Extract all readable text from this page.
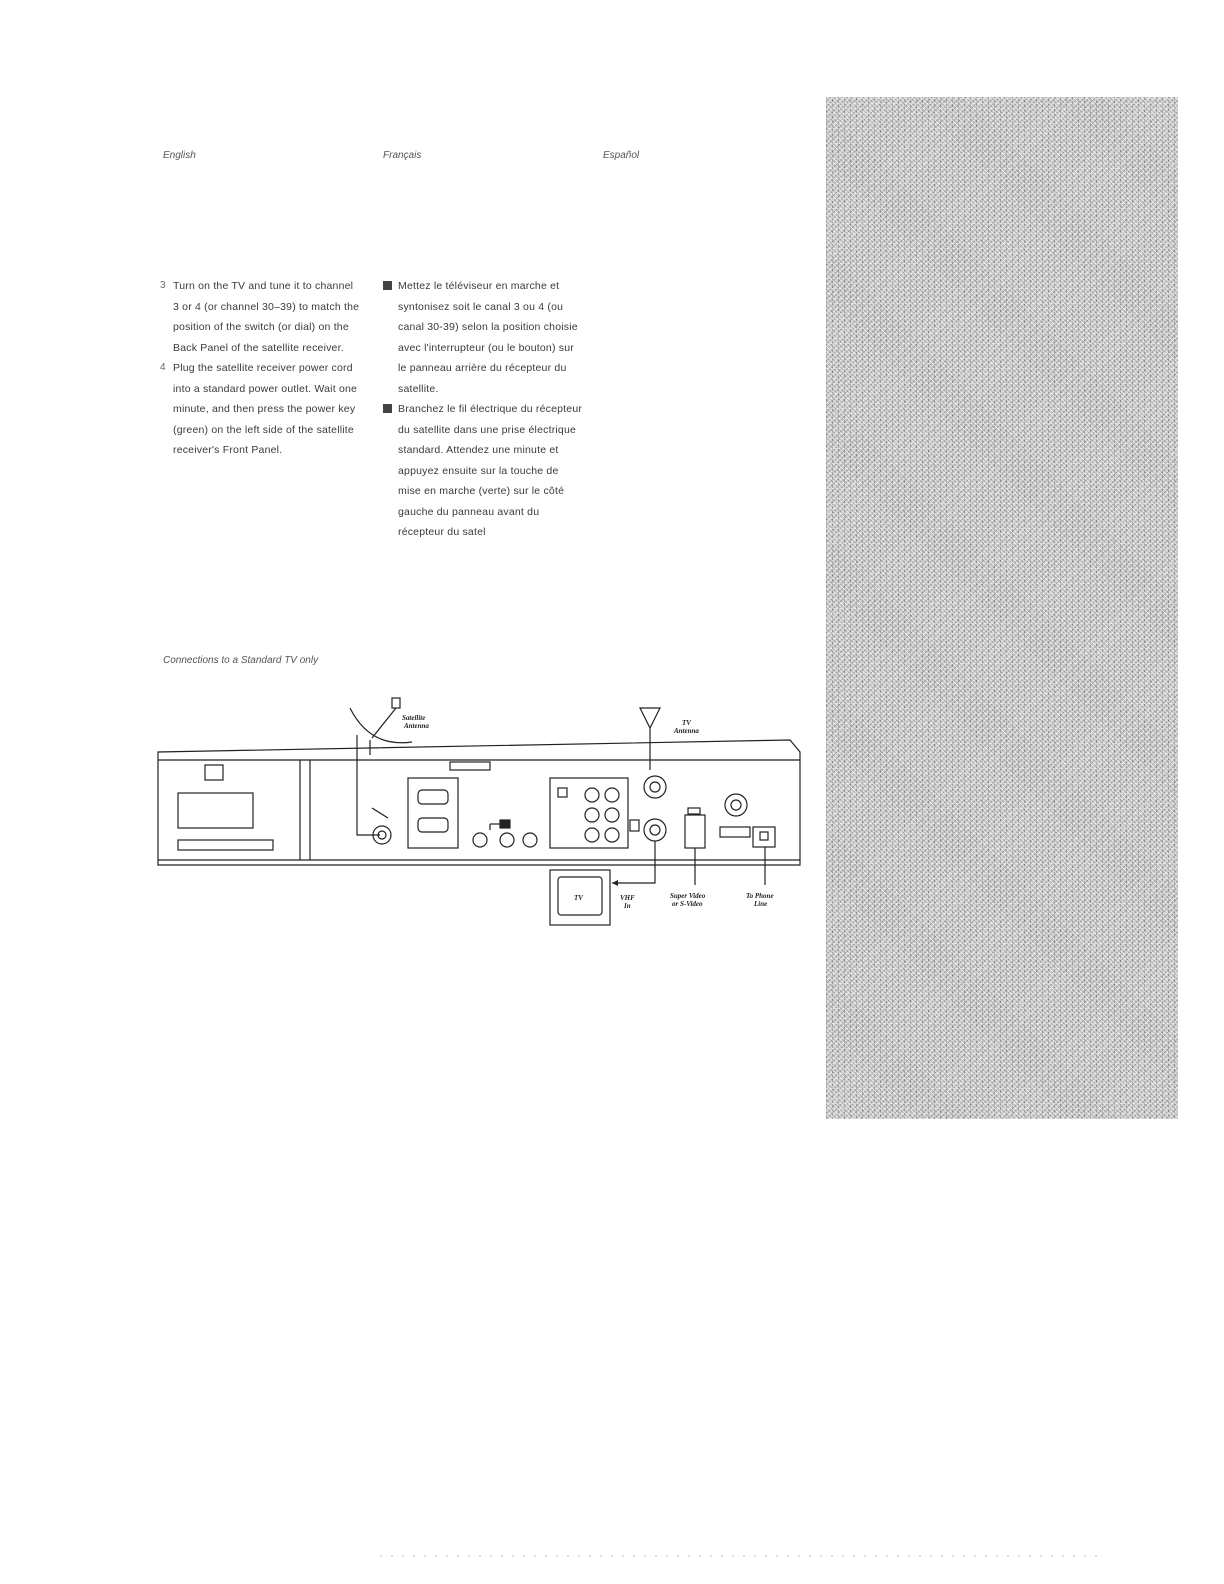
English	Français	Español
3 Turn on the TV and tune it to channel 3 or 4 (or channel 30–39) to match the position of the switch (or dial) on the Back Panel of the satellite receiver.
4 Plug the satellite receiver power cord into a standard power outlet. Wait one minute, and then press the power key (green) on the left side of the satellite receiver's Front Panel.
Mettez le téléviseur en marche et syntonisez soit le canal 3 ou 4 (ou canal 30-39) selon la position choisie avec l'interrupteur (ou le bouton) sur le panneau arrière du récepteur du satellite.
Branchez le fil électrique du récepteur du satellite dans une prise électrique standard. Attendez une minute et appuyez ensuite sur la touche de mise en marche (verte) sur le côté gauche du panneau avant du récepteur du satel
Connections to a Standard TV only
Satellite
Antenna	TV
Antenna
TV	VHF
In
Super Video
or S-Video
To Phone
Line
